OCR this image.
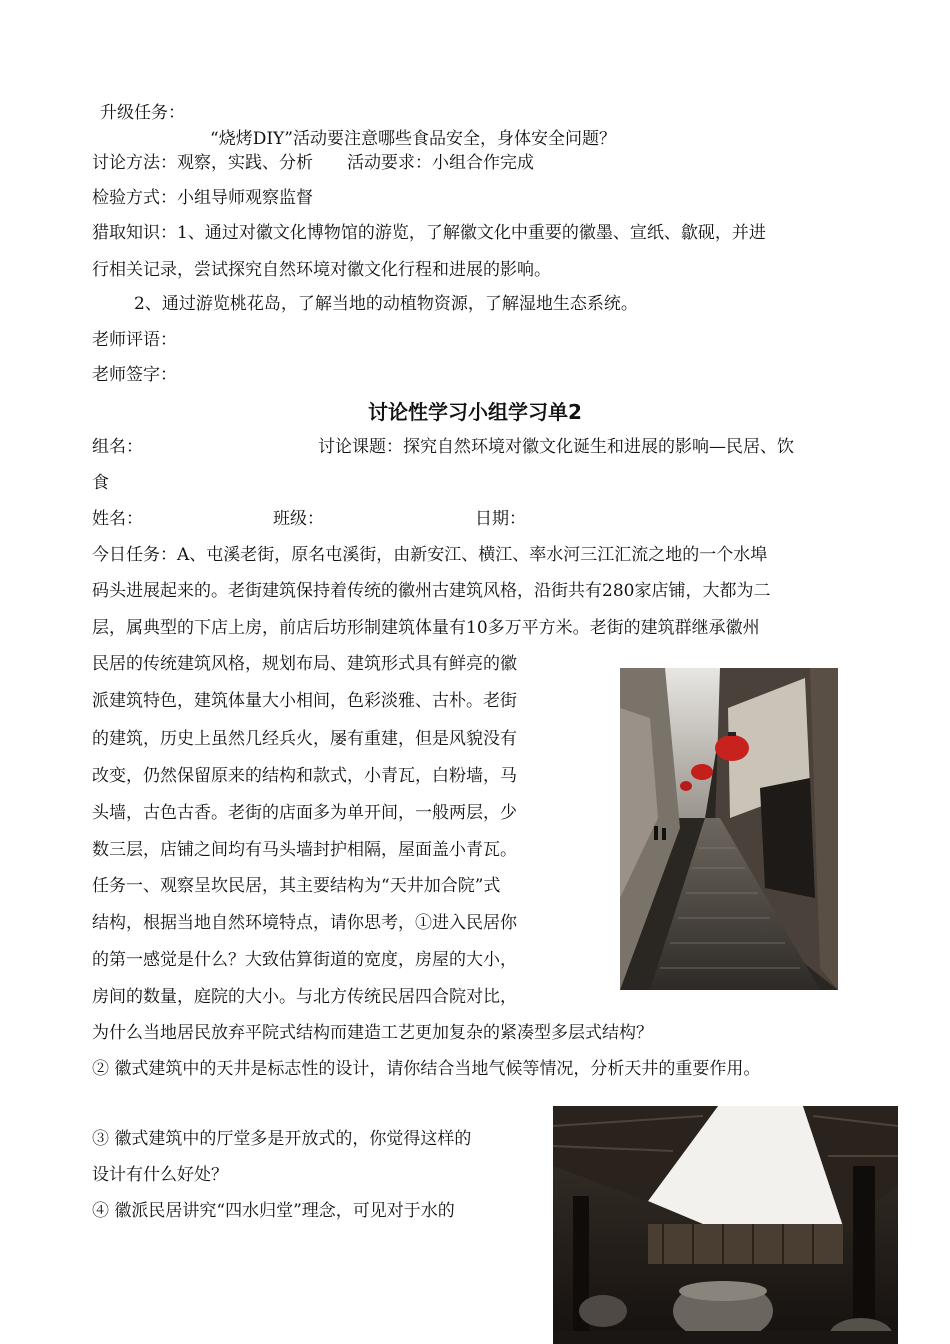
升级任务：
“烧烤DIY”活动要注意哪些食品安全，身体安全问题？
讨论方法：观察，实践、分析　　活动要求：小组合作完成
检验方式：小组导师观察监督
猎取知识：1、通过对徽文化博物馆的游览，了解徽文化中重要的徽墨、宣纸、歙砚，并进
行相关记录，尝试探究自然环境对徽文化行程和进展的影响。
2、通过游览桃花岛，了解当地的动植物资源，了解湿地生态系统。
老师评语：
老师签字：
讨论性学习小组学习单2
组名：	讨论课题：探究自然环境对徽文化诞生和进展的影响—民居、饮
食
姓名：	班级：	日期：
今日任务：A、屯溪老街，原名屯溪街，由新安江、横江、率水河三江汇流之地的一个水埠
码头进展起来的。老街建筑保持着传统的徽州古建筑风格，沿街共有280家店铺，大都为二
层，属典型的下店上房，前店后坊形制建筑体量有10多万平方米。老街的建筑群继承徽州
民居的传统建筑风格，规划布局、建筑形式具有鲜亮的徽
派建筑特色，建筑体量大小相间，色彩淡雅、古朴。老街
的建筑，历史上虽然几经兵火，屡有重建，但是风貌没有
改变，仍然保留原来的结构和款式，小青瓦，白粉墙，马
头墙，古色古香。老街的店面多为单开间，一般两层，少
数三层，店铺之间均有马头墙封护相隔，屋面盖小青瓦。
任务一、观察呈坎民居，其主要结构为“天井加合院”式
结构，根据当地自然环境特点，请你思考，①进入民居你
的第一感觉是什么？大致估算街道的宽度，房屋的大小，
房间的数量，庭院的大小。与北方传统民居四合院对比，
为什么当地居民放弃平院式结构而建造工艺更加复杂的紧凑型多层式结构？
② 徽式建筑中的天井是标志性的设计，请你结合当地气候等情况，分析天井的重要作用。
③ 徽式建筑中的厅堂多是开放式的，你觉得这样的
设计有什么好处？
④ 徽派民居讲究“四水归堂”理念，可见对于水的
